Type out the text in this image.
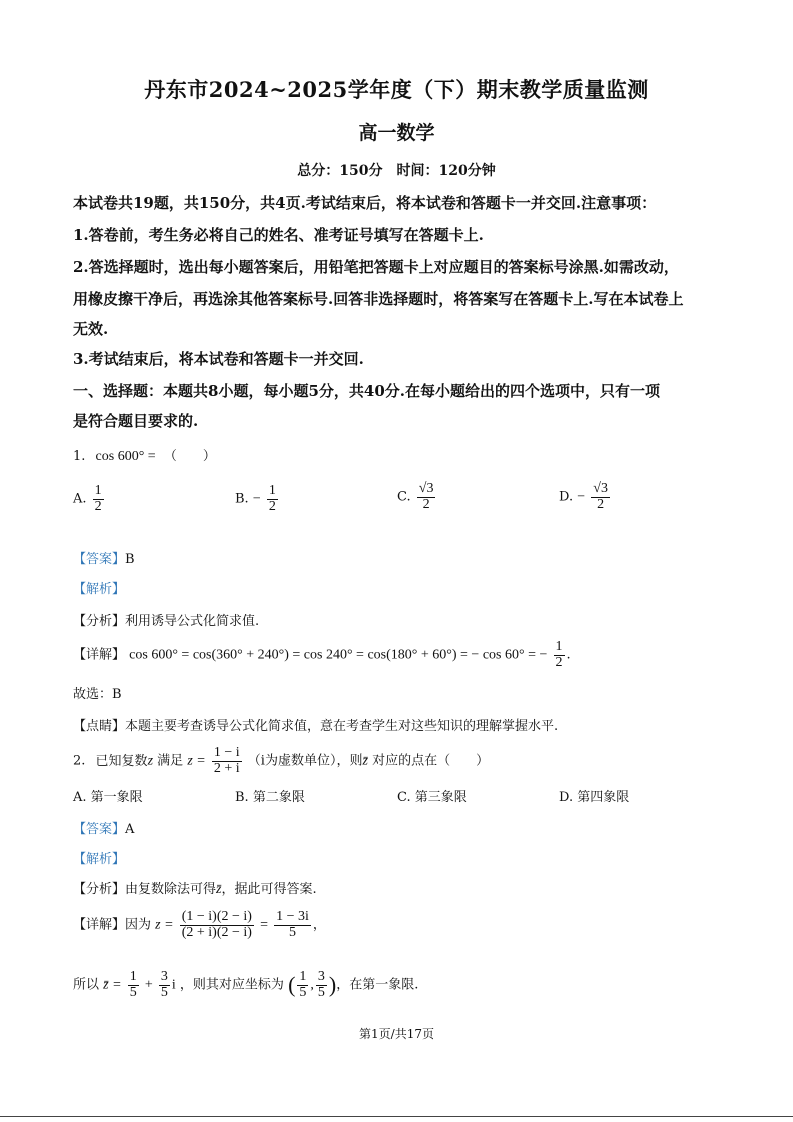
丹东市2024~2025学年度（下）期末教学质量监测
高一数学
总分：150分　时间：120分钟
本试卷共19题，共150分，共4页.考试结束后，将本试卷和答题卡一并交回.注意事项：
1.答卷前，考生务必将自己的姓名、准考证号填写在答题卡上.
2.答选择题时，选出每小题答案后，用铅笔把答题卡上对应题目的答案标号涂黑.如需改动，
用橡皮擦干净后，再选涂其他答案标号.回答非选择题时，将答案写在答题卡上.写在本试卷上
无效.
3.考试结束后，将本试卷和答题卡一并交回.
一、选择题：本题共8小题，每小题5分，共40分.在每小题给出的四个选项中，只有一项
是符合题目要求的.
1. cos 600° = （　　）
A. $\frac{1}{2}$	B. − $\frac{1}{2}$	C. $\frac{√3}{2}$	D. − $\frac{√3}{2}$
【答案】B
【解析】
【分析】利用诱导公式化简求值.
【详解】 cos 600° = cos(360° + 240°) = cos 240° = cos(180° + 60°) = − cos 60° = − $\frac{1}{2}$ .
故选：B
【点睛】本题主要考查诱导公式化简求值，意在考查学生对这些知识的理解掌握水平.
2. 已知复数z 满足 $z = \frac{1 - i}{2 + i} (i$为虚数单位），则z̄ 对应的点在（　　）
A. 第一象限	B. 第二象限	C. 第三象限	D. 第四象限
【答案】A
【解析】
【分析】由复数除法可得z̄，据此可得答案.
【详解】因为 $z = \frac{(1 - i)(2 - i)}{(2 + i)(2 - i)} = \frac{1 - 3i}{5}$ ，
所以 z̄ = $\frac{1}{5} + \frac{3}{5}$ i ，则其对应坐标为 ( $\frac{1}{5}$ , $\frac{3}{5}$ )，在第一象限.
第1页/共17页
